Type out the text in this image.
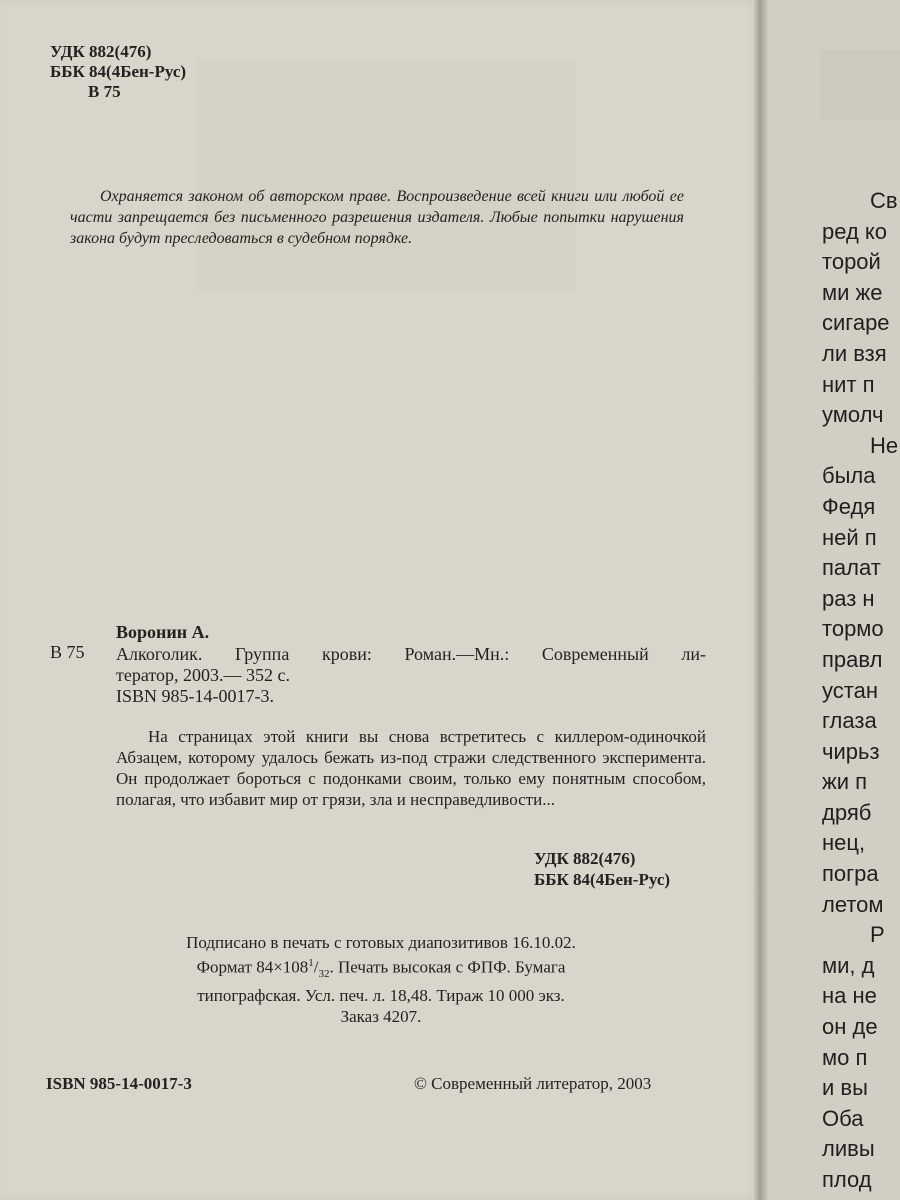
УДК 882(476)
ББК 84(4Бен-Рус)
В 75
Охраняется законом об авторском праве. Воспроизведение всей книги или любой ее части запрещается без письменного разрешения издателя. Любые попытки нарушения закона будут преследоваться в судебном порядке.
Воронин А.
В 75 Алкоголик. Группа крови: Роман.—Мн.: Современный ли-
тератор, 2003.— 352 с.
ISBN 985-14-0017-3.
На страницах этой книги вы снова встретитесь с киллером-одиночкой Абзацем, которому удалось бежать из-под стражи следственного эксперимента. Он продолжает бороться с подонками своим, только ему понятным способом, полагая, что избавит мир от грязи, зла и несправедливости...
УДК 882(476)
ББК 84(4Бен-Рус)
Подписано в печать с готовых диапозитивов 16.10.02.
Формат $84\times 108^1/_{32}$. Печать высокая с ФПФ. Бумага
типографская. Усл. печ. л. 18,48. Тираж 10 000 экз.
Заказ 4207.
ISBN 985-14-0017-3	© Современный литератор, 2003
Св
ред ко
торой
ми же
сигаре
ли взя
нит п
умолч
Не
была
Федя
ней п
палат
раз н
тормо
правл
устан
глаза
чирьз
жи п
дряб
нец,
погра
летом
Р
ми, д
на не
он де
мо п
и вы
Оба
ливы
плод
